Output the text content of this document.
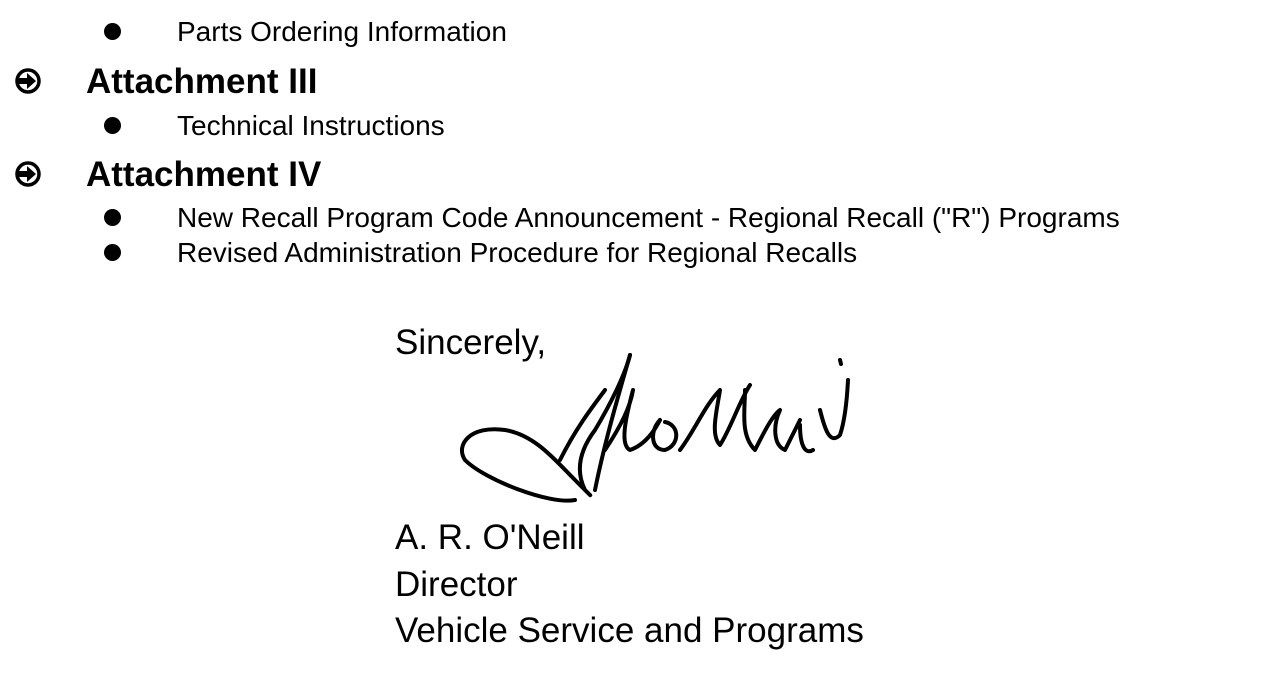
Parts Ordering Information
Attachment III
Technical Instructions
Attachment IV
New Recall Program Code Announcement - Regional Recall ("R") Programs
Revised Administration Procedure for Regional Recalls
Sincerely,
A. R. O'Neill
Director
Vehicle Service and Programs
